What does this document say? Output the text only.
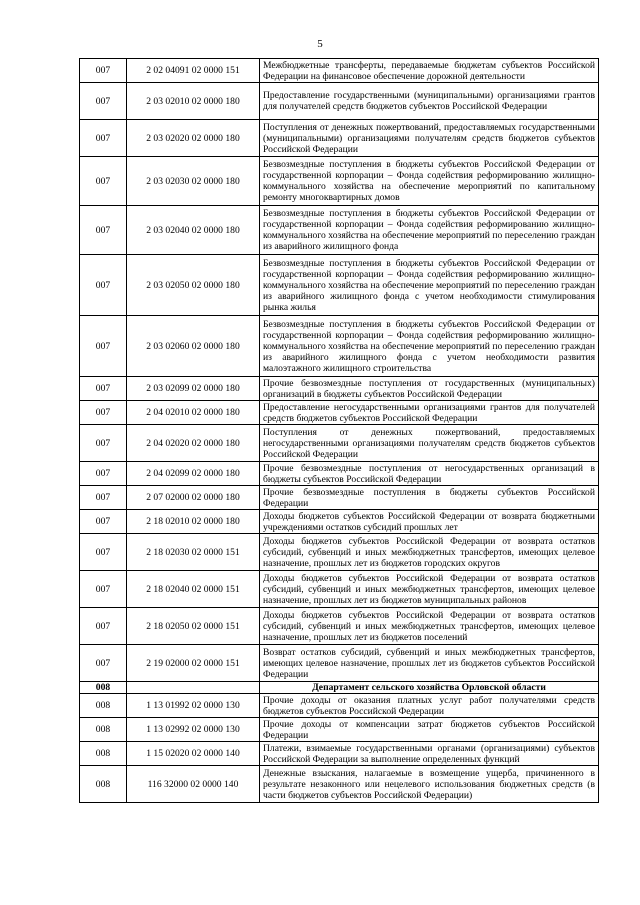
5
007	2 02 04091 02 0000 151	Межбюджетные трансферты, передаваемые бюджетам субъектов Российской Федерации на финансовое обеспечение дорожной деятельности
007	2 03 02010 02 0000 180	Предоставление государственными (муниципальными) организациями грантов для получателей средств бюджетов субъектов Российской Федерации
007	2 03 02020 02 0000 180	Поступления от денежных пожертвований, предоставляемых государственными (муниципальными) организациями получателям средств бюджетов субъектов Российской Федерации
007	2 03 02030 02 0000 180	Безвозмездные поступления в бюджеты субъектов Российской Федерации от государственной корпорации – Фонда содействия реформированию жилищно-коммунального хозяйства на обеспечение мероприятий по капитальному ремонту многоквартирных домов
007	2 03 02040 02 0000 180	Безвозмездные поступления в бюджеты субъектов Российской Федерации от государственной корпорации – Фонда содействия реформированию жилищно-коммунального хозяйства на обеспечение мероприятий по переселению граждан из аварийного жилищного фонда
007	2 03 02050 02 0000 180	Безвозмездные поступления в бюджеты субъектов Российской Федерации от государственной корпорации – Фонда содействия реформированию жилищно-коммунального хозяйства на обеспечение мероприятий по переселению граждан из аварийного жилищного фонда с учетом необходимости стимулирования рынка жилья
007	2 03 02060 02 0000 180	Безвозмездные поступления в бюджеты субъектов Российской Федерации от государственной корпорации – Фонда содействия реформированию жилищно-коммунального хозяйства на обеспечение мероприятий по переселению граждан из аварийного жилищного фонда с учетом необходимости развития малоэтажного жилищного строительства
007	2 03 02099 02 0000 180	Прочие безвозмездные поступления от государственных (муниципальных) организаций в бюджеты субъектов Российской Федерации
007	2 04 02010 02 0000 180	Предоставление негосударственными организациями грантов для получателей средств бюджетов субъектов Российской Федерации
007	2 04 02020 02 0000 180	Поступления от денежных пожертвований, предоставляемых негосударственными организациями получателям средств бюджетов субъектов Российской Федерации
007	2 04 02099 02 0000 180	Прочие безвозмездные поступления от негосударственных организаций в бюджеты субъектов Российской Федерации
007	2 07 02000 02 0000 180	Прочие безвозмездные поступления в бюджеты субъектов Российской Федерации
007	2 18 02010 02 0000 180	Доходы бюджетов субъектов Российской Федерации от возврата бюджетными учреждениями остатков субсидий прошлых лет
007	2 18 02030 02 0000 151	Доходы бюджетов субъектов Российской Федерации от возврата остатков субсидий, субвенций и иных межбюджетных трансфертов, имеющих целевое назначение, прошлых лет из бюджетов городских округов
007	2 18 02040 02 0000 151	Доходы бюджетов субъектов Российской Федерации от возврата остатков субсидий, субвенций и иных межбюджетных трансфертов, имеющих целевое назначение, прошлых лет из бюджетов муниципальных районов
007	2 18 02050 02 0000 151	Доходы бюджетов субъектов Российской Федерации от возврата остатков субсидий, субвенций и иных межбюджетных трансфертов, имеющих целевое назначение, прошлых лет из бюджетов поселений
007	2 19 02000 02 0000 151	Возврат остатков субсидий, субвенций и иных межбюджетных трансфертов, имеющих целевое назначение, прошлых лет из бюджетов субъектов Российской Федерации
008		Департамент сельского хозяйства Орловской области
008	1 13 01992 02 0000 130	Прочие доходы от оказания платных услуг работ получателями средств бюджетов субъектов Российской Федерации
008	1 13 02992 02 0000 130	Прочие доходы от компенсации затрат бюджетов субъектов Российской Федерации
008	1 15 02020 02 0000 140	Платежи, взимаемые государственными органами (организациями) субъектов Российской Федерации за выполнение определенных функций
008	116 32000 02 0000 140	Денежные взыскания, налагаемые в возмещение ущерба, причиненного в результате незаконного или нецелевого использования бюджетных средств (в части бюджетов субъектов Российской Федерации)
